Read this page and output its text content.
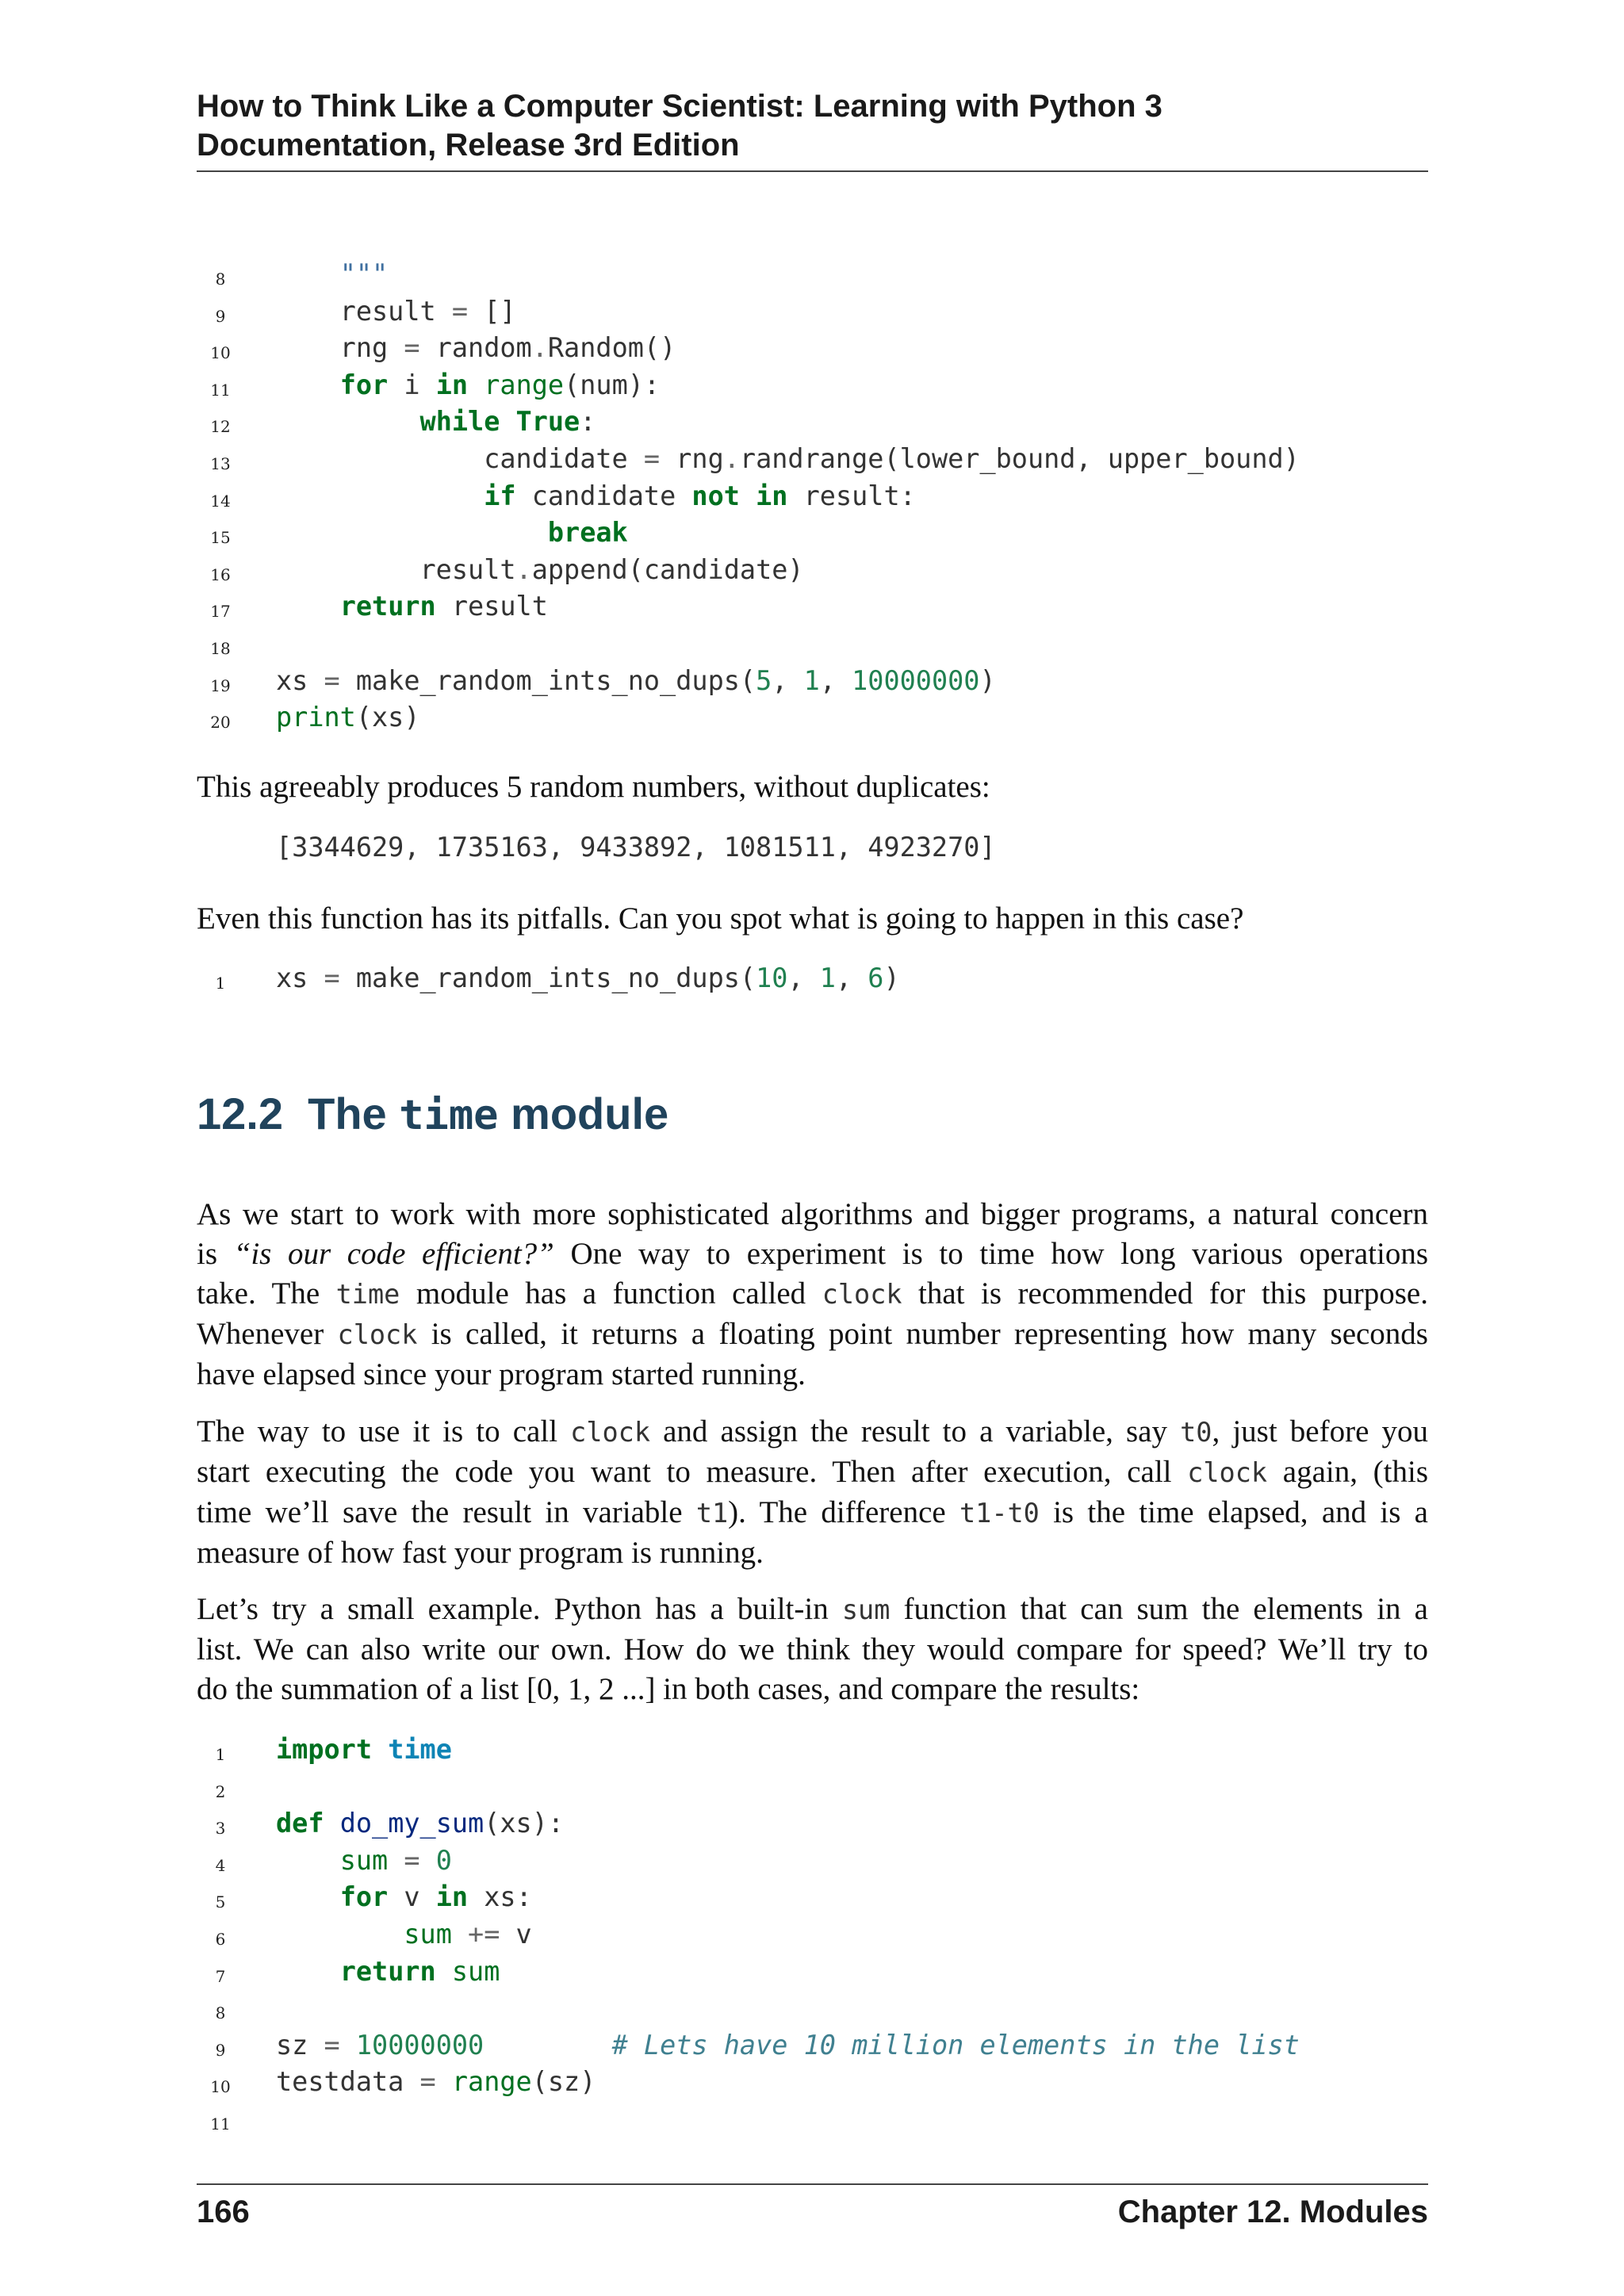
How to Think Like a Computer Scientist: Learning with Python 3
Documentation, Release 3rd Edition
8	"""
9	result = []
10	rng = random.Random()
11	for i in range(num):
12	while True:
13	candidate = rng.randrange(lower_bound, upper_bound)
14	if candidate not in result:
15	break
16	result.append(candidate)
17	return result
18
19	xs = make_random_ints_no_dups(5, 1, 10000000)
20	print(xs)
This agreeably produces 5 random numbers, without duplicates:
[3344629, 1735163, 9433892, 1081511, 4923270]
Even this function has its pitfalls. Can you spot what is going to happen in this case?
1	xs = make_random_ints_no_dups(10, 1, 6)
12.2 The time module
As we start to work with more sophisticated algorithms and bigger programs, a natural concern
is “is our code efficient?” One way to experiment is to time how long various operations
take. The time module has a function called clock that is recommended for this purpose.
Whenever clock is called, it returns a floating point number representing how many seconds
have elapsed since your program started running.
The way to use it is to call clock and assign the result to a variable, say t0, just before you
start executing the code you want to measure. Then after execution, call clock again, (this
time we’ll save the result in variable t1). The difference t1-t0 is the time elapsed, and is a
measure of how fast your program is running.
Let’s try a small example. Python has a built-in sum function that can sum the elements in a
list. We can also write our own. How do we think they would compare for speed? We’ll try to
do the summation of a list [0, 1, 2 ...] in both cases, and compare the results:
1	import time
2
3	def do_my_sum(xs):
4	sum = 0
5	for v in xs:
6	sum += v
7	return sum
8
9	sz = 10000000	# Lets have 10 million elements in the list
10	testdata = range(sz)
11
166	Chapter 12. Modules
